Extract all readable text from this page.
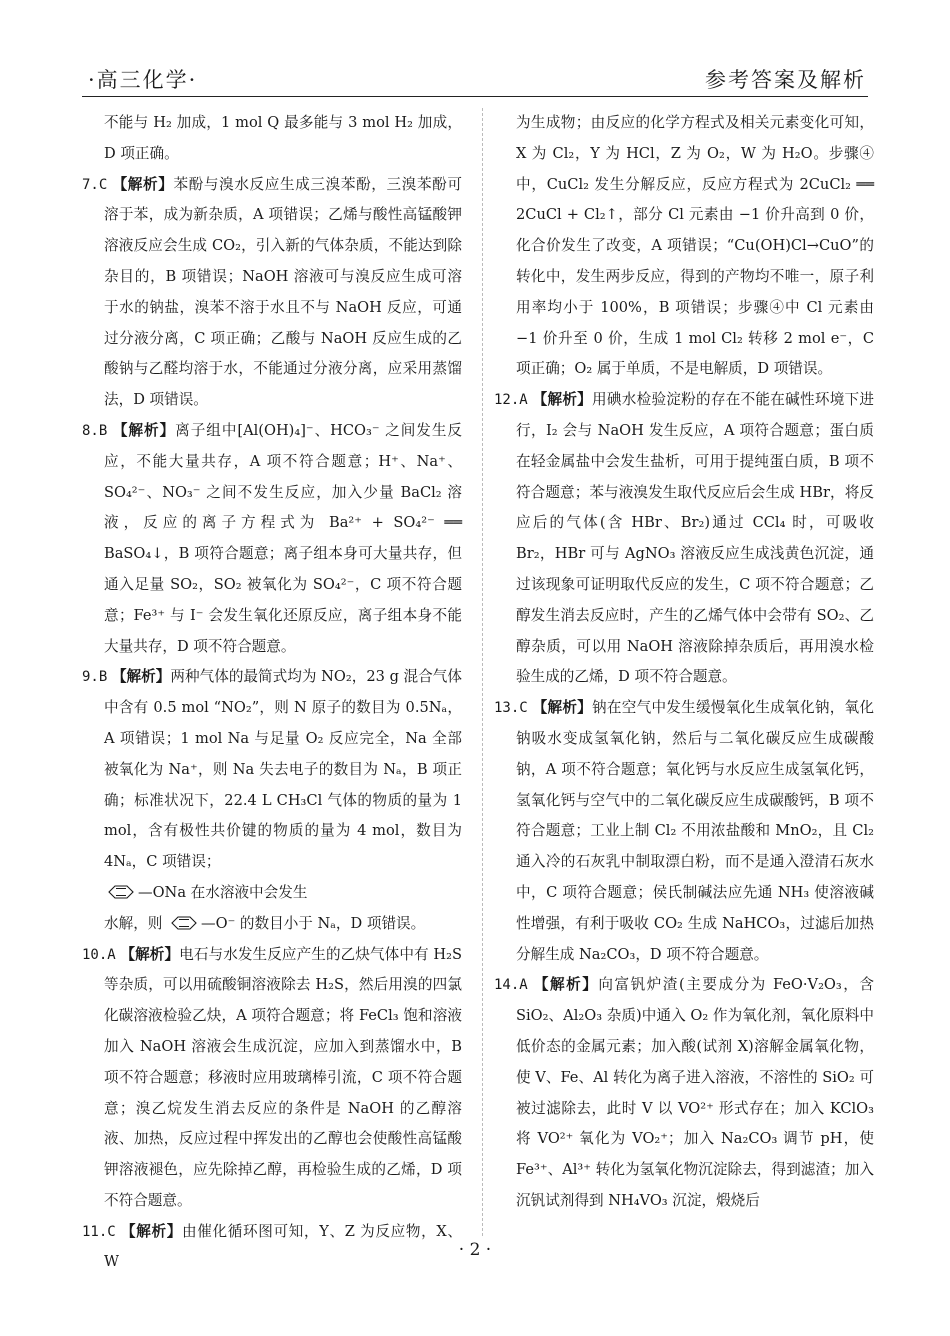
·高三化学·	参考答案及解析

不能与 H₂ 加成，1 mol Q 最多能与 3 mol H₂ 加成，D 项正确。

7.C 【解析】苯酚与溴水反应生成三溴苯酚，三溴苯酚可溶于苯，成为新杂质，A 项错误；乙烯与酸性高锰酸钾溶液反应会生成 CO₂，引入新的气体杂质，不能达到除杂目的，B 项错误；NaOH 溶液可与溴反应生成可溶于水的钠盐，溴苯不溶于水且不与 NaOH 反应，可通过分液分离，C 项正确；乙酸与 NaOH 反应生成的乙酸钠与乙醛均溶于水，不能通过分液分离，应采用蒸馏法，D 项错误。

8.B 【解析】离子组中[Al(OH)₄]⁻、HCO₃⁻ 之间发生反应，不能大量共存，A 项不符合题意；H⁺、Na⁺、SO₄²⁻、NO₃⁻ 之间不发生反应，加入少量 BaCl₂ 溶液，反应的离子方程式为 Ba²⁺ + SO₄²⁻ ══ BaSO₄↓，B 项符合题意；离子组本身可大量共存，但通入足量 SO₂，SO₂ 被氧化为 SO₄²⁻，C 项不符合题意；Fe³⁺ 与 I⁻ 会发生氧化还原反应，离子组本身不能大量共存，D 项不符合题意。

9.B 【解析】两种气体的最简式均为 NO₂，23 g 混合气体中含有 0.5 mol “NO₂”，则 N 原子的数目为 0.5Nₐ，A 项错误；1 mol Na 与足量 O₂ 反应完全，Na 全部被氧化为 Na⁺，则 Na 失去电子的数目为 Nₐ，B 项正确；标准状况下，22.4 L CH₃Cl 气体的物质的量为 1 mol，含有极性共价键的物质的量为 4 mol，数目为 4Nₐ，C 项错误；

—ONa 在水溶液中会发生

水解，则 —O⁻ 的数目小于 Nₐ，D 项错误。

10.A 【解析】电石与水发生反应产生的乙炔气体中有 H₂S 等杂质，可以用硫酸铜溶液除去 H₂S，然后用溴的四氯化碳溶液检验乙炔，A 项符合题意；将 FeCl₃ 饱和溶液加入 NaOH 溶液会生成沉淀，应加入到蒸馏水中，B 项不符合题意；移液时应用玻璃棒引流，C 项不符合题意；溴乙烷发生消去反应的条件是 NaOH 的乙醇溶液、加热，反应过程中挥发出的乙醇也会使酸性高锰酸钾溶液褪色，应先除掉乙醇，再检验生成的乙烯，D 项不符合题意。

11.C 【解析】由催化循环图可知，Y、Z 为反应物，X、W

为生成物；由反应的化学方程式及相关元素变化可知，X 为 Cl₂，Y 为 HCl，Z 为 O₂，W 为 H₂O。步骤④中，CuCl₂ 发生分解反应，反应方程式为 2CuCl₂ ══ 2CuCl + Cl₂↑，部分 Cl 元素由 −1 价升高到 0 价，化合价发生了改变，A 项错误；“Cu(OH)Cl→CuO”的转化中，发生两步反应，得到的产物均不唯一，原子利用率均小于 100%，B 项错误；步骤④中 Cl 元素由 −1 价升至 0 价，生成 1 mol Cl₂ 转移 2 mol e⁻，C 项正确；O₂ 属于单质，不是电解质，D 项错误。

12.A 【解析】用碘水检验淀粉的存在不能在碱性环境下进行，I₂ 会与 NaOH 发生反应，A 项符合题意；蛋白质在轻金属盐中会发生盐析，可用于提纯蛋白质，B 项不符合题意；苯与液溴发生取代反应后会生成 HBr，将反应后的气体(含 HBr、Br₂)通过 CCl₄ 时，可吸收 Br₂，HBr 可与 AgNO₃ 溶液反应生成浅黄色沉淀，通过该现象可证明取代反应的发生，C 项不符合题意；乙醇发生消去反应时，产生的乙烯气体中会带有 SO₂、乙醇杂质，可以用 NaOH 溶液除掉杂质后，再用溴水检验生成的乙烯，D 项不符合题意。

13.C 【解析】钠在空气中发生缓慢氧化生成氧化钠，氧化钠吸水变成氢氧化钠，然后与二氧化碳反应生成碳酸钠，A 项不符合题意；氧化钙与水反应生成氢氧化钙，氢氧化钙与空气中的二氧化碳反应生成碳酸钙，B 项不符合题意；工业上制 Cl₂ 不用浓盐酸和 MnO₂，且 Cl₂ 通入冷的石灰乳中制取漂白粉，而不是通入澄清石灰水中，C 项符合题意；侯氏制碱法应先通 NH₃ 使溶液碱性增强，有利于吸收 CO₂ 生成 NaHCO₃，过滤后加热分解生成 Na₂CO₃，D 项不符合题意。

14.A 【解析】向富钒炉渣(主要成分为 FeO·V₂O₃，含 SiO₂、Al₂O₃ 杂质)中通入 O₂ 作为氧化剂，氧化原料中低价态的金属元素；加入酸(试剂 X)溶解金属氧化物，使 V、Fe、Al 转化为离子进入溶液，不溶性的 SiO₂ 可被过滤除去，此时 V 以 VO²⁺ 形式存在；加入 KClO₃ 将 VO²⁺ 氧化为 VO₂⁺；加入 Na₂CO₃ 调节 pH，使 Fe³⁺、Al³⁺ 转化为氢氧化物沉淀除去，得到滤渣；加入沉钒试剂得到 NH₄VO₃ 沉淀，煅烧后

· 2 ·
